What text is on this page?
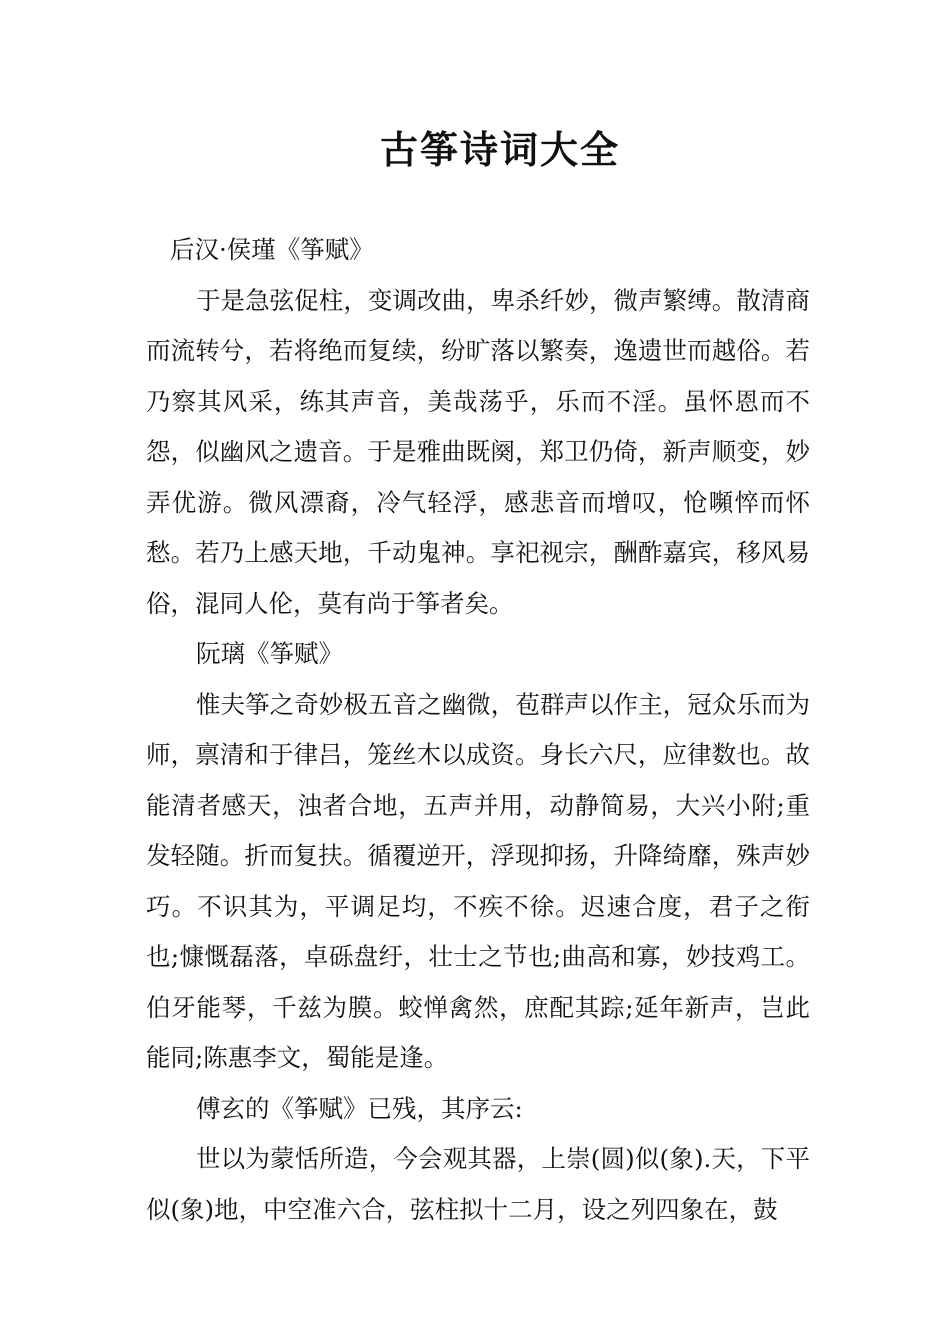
古筝诗词大全

后汉·侯瑾《筝赋》

于是急弦促柱，变调改曲，卑杀纤妙，微声繁缚。散清商而流转兮，若将绝而复续，纷旷落以繁奏，逸遗世而越俗。若乃察其风采，练其声音，美哉荡乎，乐而不淫。虽怀恩而不怨，似幽风之遗音。于是雅曲既阕，郑卫仍倚，新声顺变，妙弄优游。微风漂裔，冷气轻浮，感悲音而增叹，怆嚬悴而怀愁。若乃上感天地，千动鬼神。享祀视宗，酬酢嘉宾，移风易俗，混同人伦，莫有尚于筝者矣。

阮璃《筝赋》

惟夫筝之奇妙极五音之幽微，苞群声以作主，冠众乐而为师，禀清和于律吕，笼丝木以成资。身长六尺，应律数也。故能清者感天，浊者合地，五声并用，动静简易，大兴小附;重发轻随。折而复扶。循覆逆开，浮现抑扬，升降绮靡，殊声妙巧。不识其为，平调足均，不疾不徐。迟速合度，君子之衔也;慷慨磊落，卓砾盘纡，壮士之节也;曲高和寡，妙技鸡工。伯牙能琴，千兹为膜。蛟惮禽然，庶配其踪;延年新声，岂此能同;陈惠李文，蜀能是逢。

傅玄的《筝赋》已残，其序云:

世以为蒙恬所造，今会观其器，上崇(圆)似(象).天，下平似(象)地，中空准六合，弦柱拟十二月，设之列四象在，鼓
